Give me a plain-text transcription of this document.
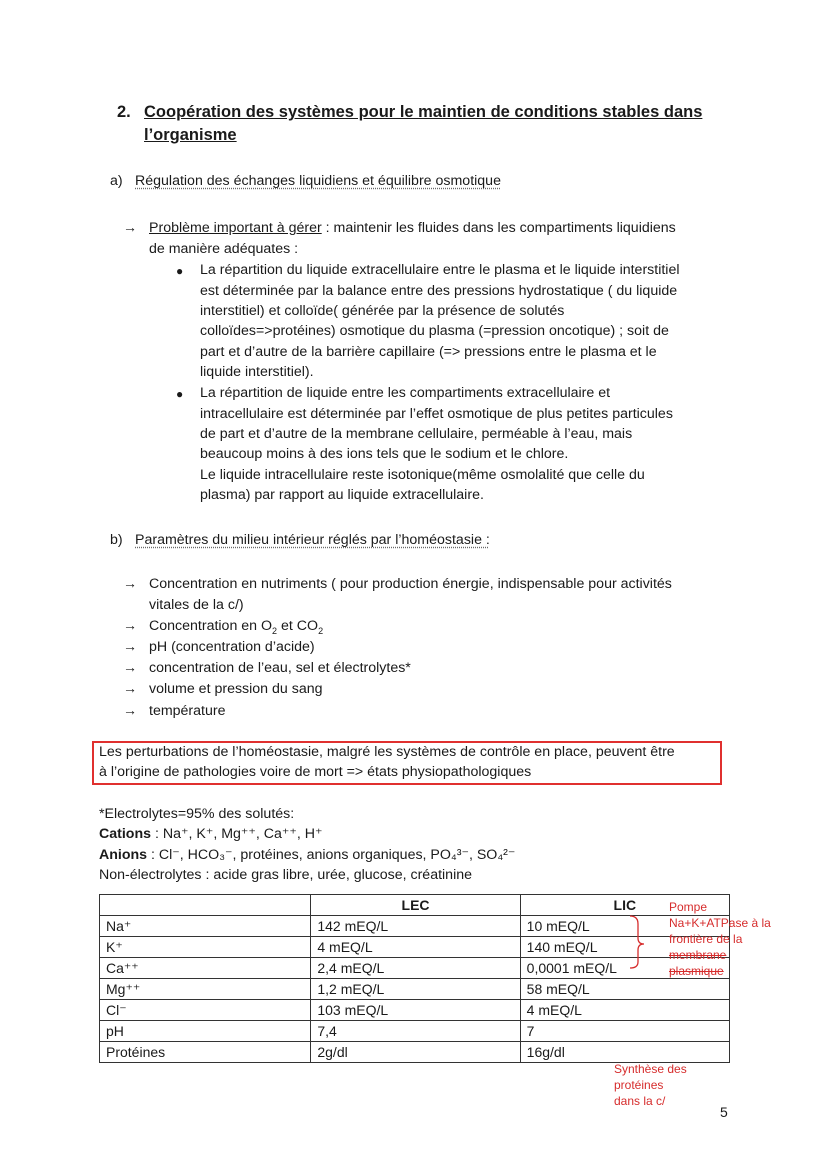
2. Coopération des systèmes pour le maintien de conditions stables dans
l’organisme
a) Régulation des échanges liquidiens et équilibre osmotique
→ Problème important à gérer : maintenir les fluides dans les compartiments liquidiens
de manière adéquates :
● La répartition du liquide extracellulaire entre le plasma et le liquide interstitiel
est déterminée par la balance entre des pressions hydrostatique ( du liquide
interstitiel) et colloïde( générée par la présence de solutés
colloïdes=>protéines) osmotique du plasma (=pression oncotique) ; soit de
part et d’autre de la barrière capillaire (=> pressions entre le plasma et le
liquide interstitiel).
● La répartition de liquide entre les compartiments extracellulaire et
intracellulaire est déterminée par l’effet osmotique de plus petites particules
de part et d’autre de la membrane cellulaire, perméable à l’eau, mais
beaucoup moins à des ions tels que le sodium et le chlore.
Le liquide intracellulaire reste isotonique(même osmolalité que celle du
plasma) par rapport au liquide extracellulaire.
b) Paramètres du milieu intérieur réglés par l’homéostasie :
→ Concentration en nutriments ( pour production énergie, indispensable pour activités
vitales de la c/)
→ Concentration en $O_2$ et $CO_2$
→ pH (concentration d’acide)
→ concentration de l’eau, sel et électrolytes*
→ volume et pression du sang
→ température
Les perturbations de l’homéostasie, malgré les systèmes de contrôle en place, peuvent être
à l’origine de pathologies voire de mort => états physiopathologiques
*Electrolytes=95% des solutés:
Cations : Na⁺, K⁺, Mg⁺⁺, Ca⁺⁺, H⁺
Anions : Cl⁻, HCO₃⁻, protéines, anions organiques, PO₄³⁻, SO₄²⁻
Non-électrolytes : acide gras libre, urée, glucose, créatinine
	LEC	LIC
Na⁺	142 mEQ/L	10 mEQ/L
K⁺	4 mEQ/L	140 mEQ/L
Ca⁺⁺	2,4 mEQ/L	0,0001 mEQ/L
Mg⁺⁺	1,2 mEQ/L	58 mEQ/L
Cl⁻	103 mEQ/L	4 mEQ/L
pH	7,4	7
Protéines	2g/dl	16g/dl
Pompe
Na+K+ATPase à la
frontière de la
membrane
plasmique
Synthèse des
protéines
dans la c/
5
